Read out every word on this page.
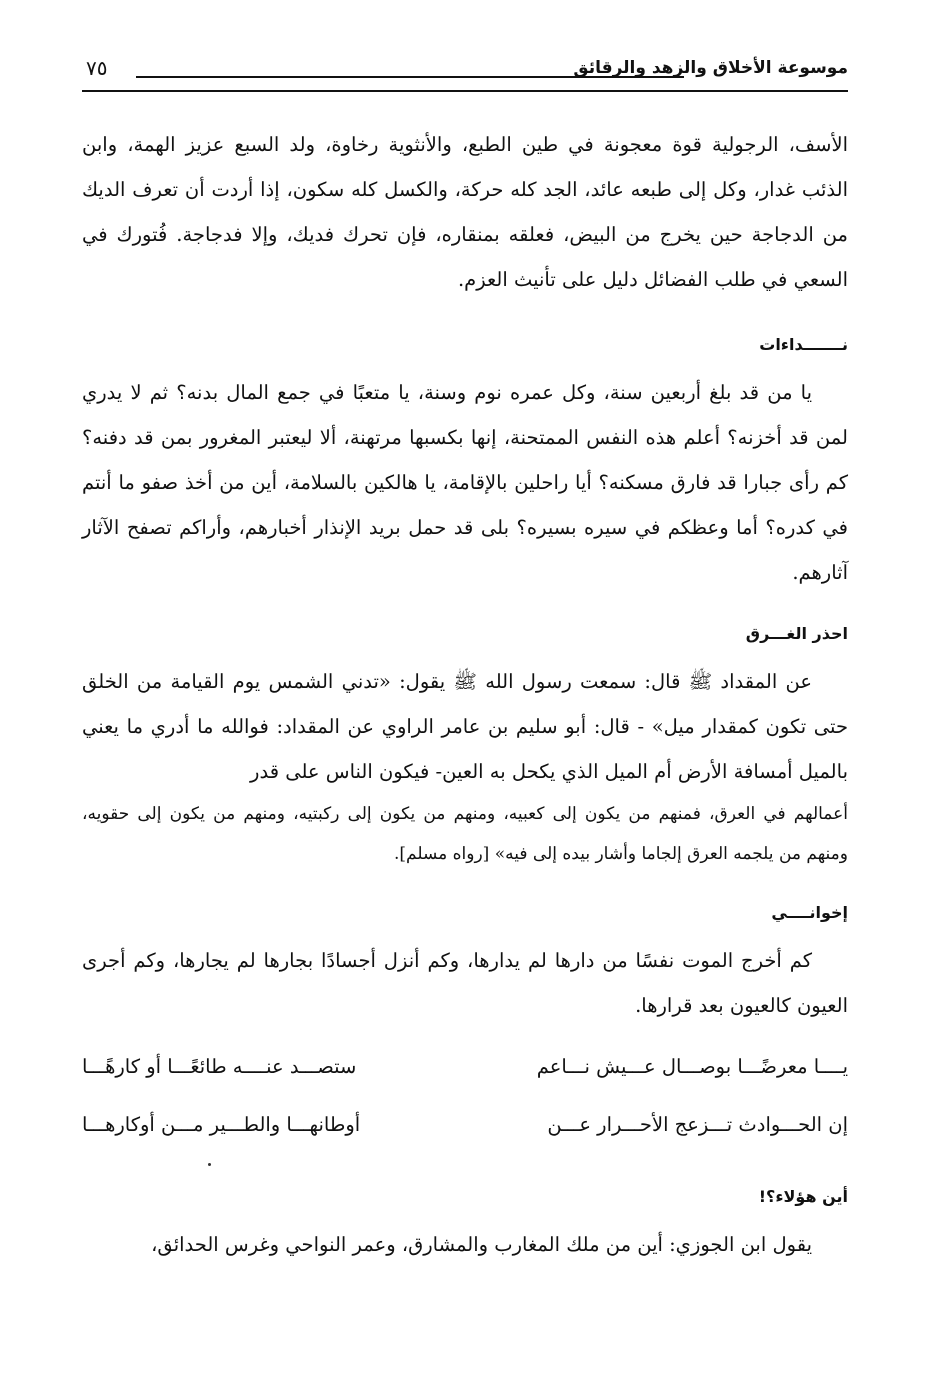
موسوعة الأخلاق والزهد والرقائق
٧٥

الأسف، الرجولية قوة معجونة في طين الطبع، والأنثوية رخاوة، ولد السبع عزيز الهمة، وابن الذئب غدار، وكل إلى طبعه عائد، الجد كله حركة، والكسل كله سكون، إذا أردت أن تعرف الديك من الدجاجة حين يخرج من البيض، فعلقه بمنقاره، فإن تحرك فديك، وإلا فدجاجة. فُتورك في السعي في طلب الفضائل دليل على تأنيث العزم.

نـــــــداءات

يا من قد بلغ أربعين سنة، وكل عمره نوم وسنة، يا متعبًا في جمع المال بدنه؟ ثم لا يدري لمن قد أخزنه؟ أعلم هذه النفس الممتحنة، إنها بكسبها مرتهنة، ألا ليعتبر المغرور بمن قد دفنه؟ كم رأى جبارا قد فارق مسكنه؟ أيا راحلين بالإقامة، يا هالكين بالسلامة، أين من أخذ صفو ما أنتم في كدره؟ أما وعظكم في سيره بسيره؟ بلى قد حمل بريد الإنذار أخبارهم، وأراكم تصفح الآثار آثارهم.

احذر الغـــرق

عن المقداد ﷺ قال: سمعت رسول الله ﷺ يقول: «تدني الشمس يوم القيامة من الخلق حتى تكون كمقدار ميل» - قال: أبو سليم بن عامر الراوي عن المقداد: فوالله ما أدري ما يعني بالميل أمسافة الأرض أم الميل الذي يكحل به العين- فيكون الناس على قدر

أعمالهم في العرق، فمنهم من يكون إلى كعبيه، ومنهم من يكون إلى ركبتيه، ومنهم من يكون إلى حقويه، ومنهم من يلجمه العرق إلجاما وأشار بيده إلى فيه» [رواه مسلم].

إخوانــــي

كم أخرج الموت نفسًا من دارها لم يدارها، وكم أنزل أجسادًا بجارها لم يجارها، وكم أجرى العيون كالعيون بعد قرارها.

يــــا معرضًـــا بوصـــال عـــيش نـــاعم
ستصـــد عنــــه طائعًـــا أو كارهًـــا
إن الحـــوادث تـــزعج الأحـــرار عـــن
أوطانهـــا والطـــير مـــن أوكارهـــا
أين هؤلاء؟!

يقول ابن الجوزي: أين من ملك المغارب والمشارق، وعمر النواحي وغرس الحدائق،
